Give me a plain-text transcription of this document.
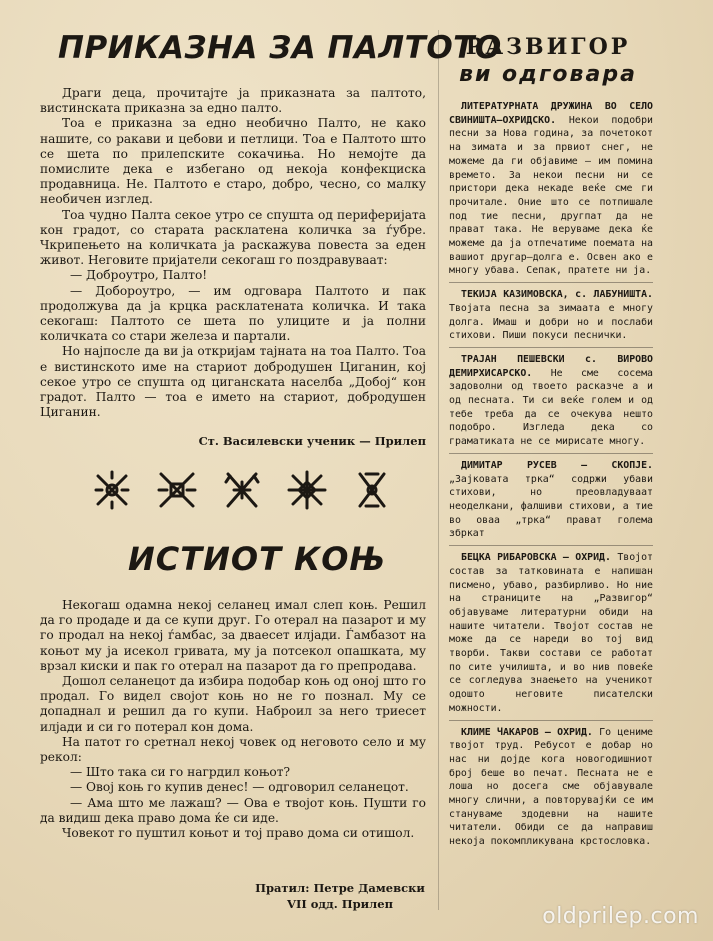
ПРИКАЗНА ЗА ПАЛТОТО

Драги деца, прочитајте ја приказната за палтото, вистинската приказна за едно палто.

Тоа е приказна за едно необично Палто, не како нашите, со ракави и цебови и петлици. Тоа е Палтото што се шета по прилепските сокачиња. Но немојте да помислите дека е избегано од некоја конфекциска продавница. Не. Палтото е старо, добро, чесно, со малку необичен изглед.

Тоа чудно Палта секое утро се спушта од периферијата кон градот, со старата расклатена количка за ѓубре. Чкрипењето на количката ја раскажува повеста за еден живот. Неговите пријатели секогаш го поздравуваат:

— Доброутро, Палто!

— Добороутро, — им одговара Палтото и пак продолжува да ја крцка расклатената количка. И така секогаш: Палтото се шета по улиците и ја полни количката со стари железа и партали.

Но најпосле да ви ја откријам тајната на тоа Палто. Тоа е вистинското име на стариот добродушен Циганин, кој секое утро се спушта од циганската населба „Добој“ кон градот. Палто — тоа е името на стариот, добродушен Циганин.

Ст. Василевски ученик — Прилеп
ИСТИОТ КОЊ

Некогаш одамна некој селанец имал слеп коњ. Решил да го продаде и да се купи друг. Го отерал на пазарот и му го продал на некој ѓамбас, за дваесет илјади. Ѓамбазот на коњот му ја исекол гривата, му ја потсекол опашката, му врзал киски и пак го отерал на пазарот да го препродава.

Дошол селанецот да избира подобар коњ од оној што го продал. Го видел својот коњ но не го познал. Му се допаднал и решил да го купи. Наброил за него триесет илјади и си го потерал кон дома.

На патот го сретнал некој човек од неговото село и му рекол:

— Што така си го нагрдил коњот?

— Овој коњ го купив денес! — одговорил селанецот.

— Ама што ме лажаш? — Ова е твојот коњ. Пушти го да видиш дека право дома ќе си иде.

Човекот го пуштил коњот и тој право дома си отишол.

Пратил: Петре Дамевски
VII одд. Прилеп
РАЗВИГОР
ви одговара
ЛИТЕРАТУРНАТА ДРУЖИНА ВО СЕЛО СВИНИШТА—ОХРИДСКО. Некои подобри песни за Нова година, за почетокот на зимата и за првиот снег, не можеме да ги објавиме — им помина времето. За некои песни ни се пристори дека некаде веќе сме ги прочитале. Оние што се потпишале под тие песни, другпат да не прават така. Не веруваме дека ќе можеме да ја отпечатиме поемата на вашиот другар—долга е. Освен ако е многу убава. Сепак, пратете ни ја.
ТЕКИЈА КАЗИМОВСКА, с. ЛАБУНИШТА. Твојата песна за зимаата е многу долга. Имаш и добри но и послаби стихови. Пиши покуси песнички.
ТРАЈАН ПЕШЕВСКИ с. ВИРОВО ДЕМИРХИСАРСКО. Не сме сосема задоволни од твоето расказче а и од песната. Ти си веќе голем и од тебе треба да се очекува нешто подобро. Изгледа дека со граматиката не се мирисате многу.
ДИМИТАР РУСЕВ — СКОПЈЕ. „Зајковата трка“ содржи убави стихови, но преовладуваат неоделкани, фалшиви стихови, а тие во оваа „трка“ прават голема збркат
БЕЦКА РИБАРОВСКА — ОХРИД. Твојот состав за татковината е напишан писмено, убаво, разбирливо. Но ние на страниците на „Развигор“ објавуваме литературни обиди на нашите читатели. Твојот состав не може да се нареди во тој вид творби. Такви состави се работат по сите училишта, и во нив повеќе се согледува знаењето на ученикот одошто неговите писателски можности.
КЛИМЕ ЧАКАРОВ — ОХРИД. Го цениме твојот труд. Ребусот е добар но нас ни дојде кога новогодишниот број беше во печат. Песната не е лоша но досега сме објавувале многу слични, а повторувајќи се им стануваме здодевни на нашите читатели. Обиди се да направиш некоја покомпликувана крстословка.
oldprilep.com
